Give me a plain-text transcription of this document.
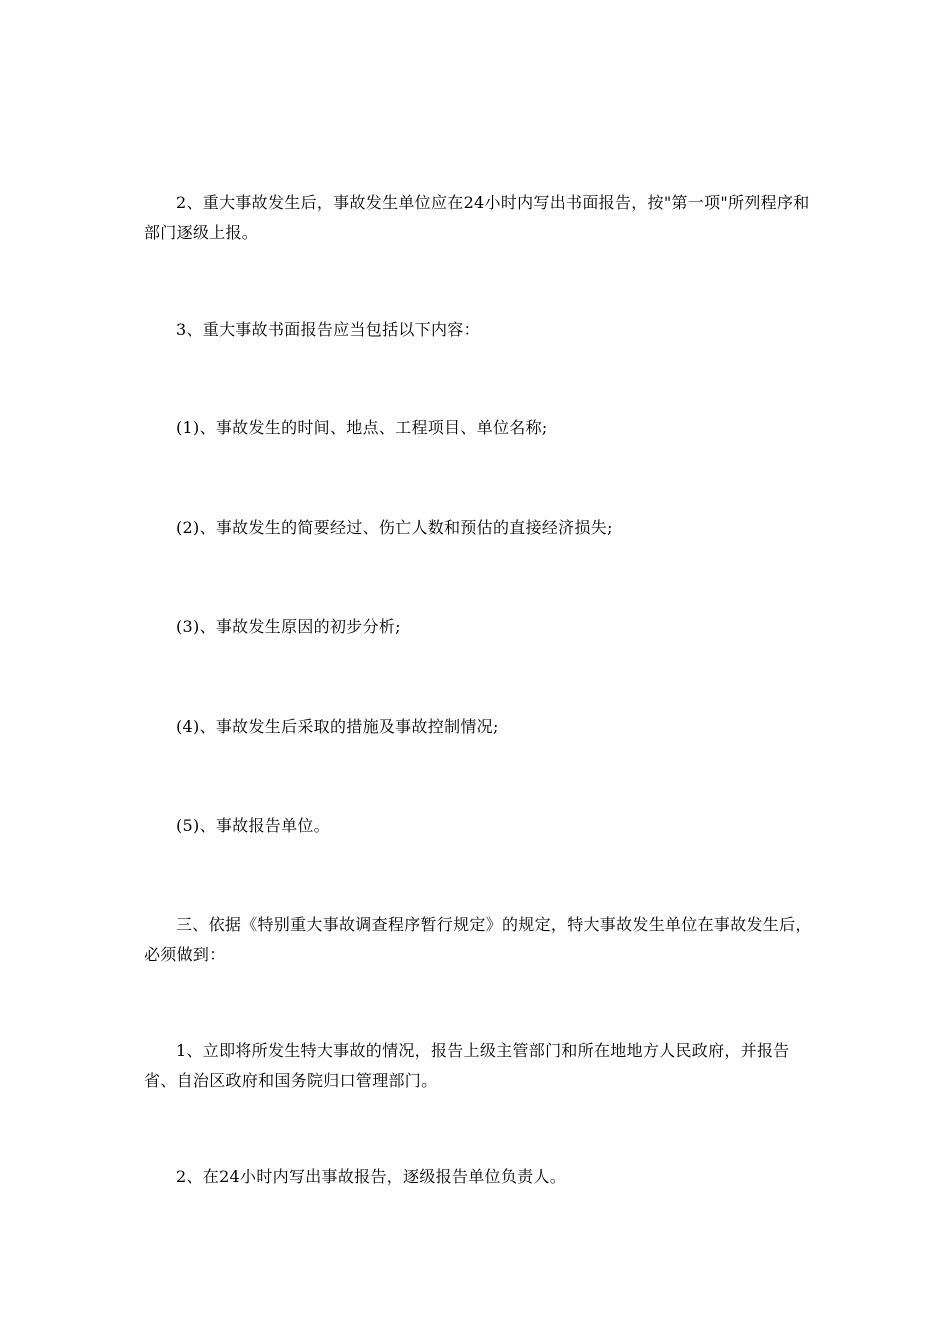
2、重大事故发生后，事故发生单位应在24小时内写出书面报告，按"第一项"所列程序和部门逐级上报。

3、重大事故书面报告应当包括以下内容：

(1)、事故发生的时间、地点、工程项目、单位名称;

(2)、事故发生的简要经过、伤亡人数和预估的直接经济损失;

(3)、事故发生原因的初步分析;

(4)、事故发生后采取的措施及事故控制情况;

(5)、事故报告单位。

三、依据《特别重大事故调查程序暂行规定》的规定，特大事故发生单位在事故发生后，必须做到：

1、立即将所发生特大事故的情况，报告上级主管部门和所在地地方人民政府，并报告省、自治区政府和国务院归口管理部门。

2、在24小时内写出事故报告，逐级报告单位负责人。
